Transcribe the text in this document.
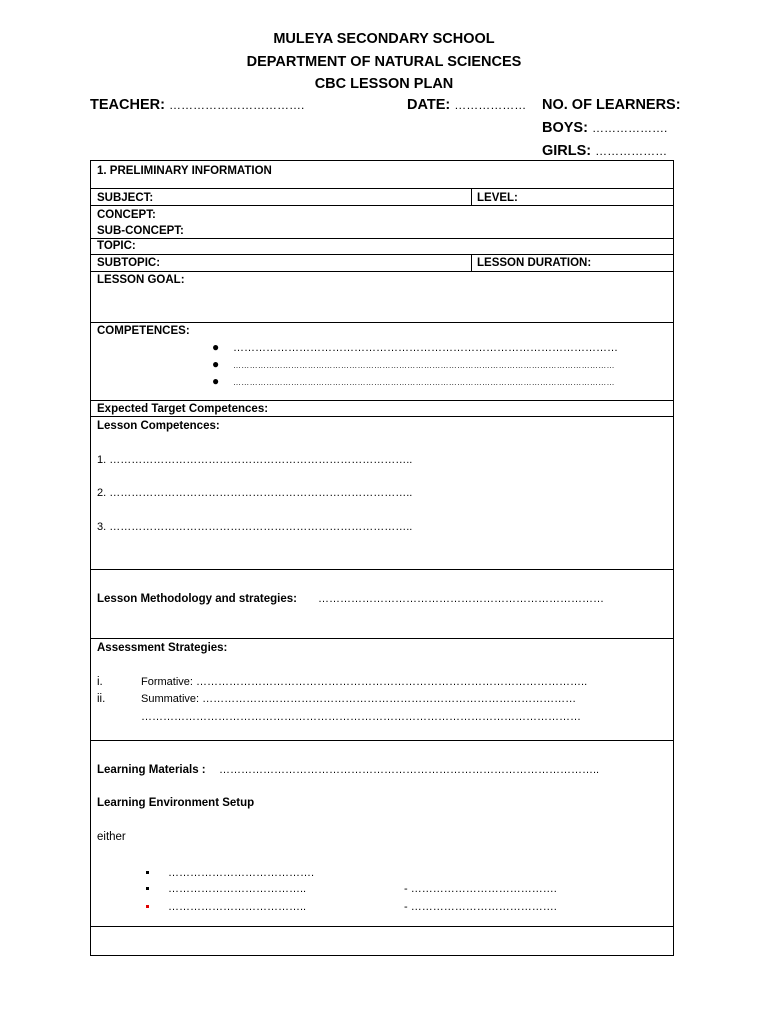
MULEYA SECONDARY SCHOOL
DEPARTMENT OF NATURAL SCIENCES
CBC LESSON PLAN
TEACHER: …………………………….	DATE: ……………… NO. OF LEARNERS:
BOYS: ……………….
GIRLS: ………………
1. PRELIMINARY INFORMATION
SUBJECT:	LEVEL:
CONCEPT:
SUB-CONCEPT:
TOPIC:
SUBTOPIC:	LESSON DURATION:
LESSON GOAL:
COMPETENCES:
● ……………………………………………………………………………………………
● …………………………………………………………………………………………………………………………
● …………………………………………………………………………………………………………………………
Expected Target Competences:
Lesson Competences:
1. ………………………………………………………………………..
2. ………………………………………………………………………..
3. ………………………………………………………………………..
Lesson Methodology and strategies: ……………………………………………………………………
Assessment Strategies:
i.	Formative: ……………………………………………………………………………………………..
ii.	Summative: …………………………………………………………………………………………
…………………………………………………………………………………………………………
Learning Materials : …………………………………………………………………………………………..
Learning Environment Setup
either
………………………………….
………………………………..	- ………………………………….
………………………………..	- ………………………………….
